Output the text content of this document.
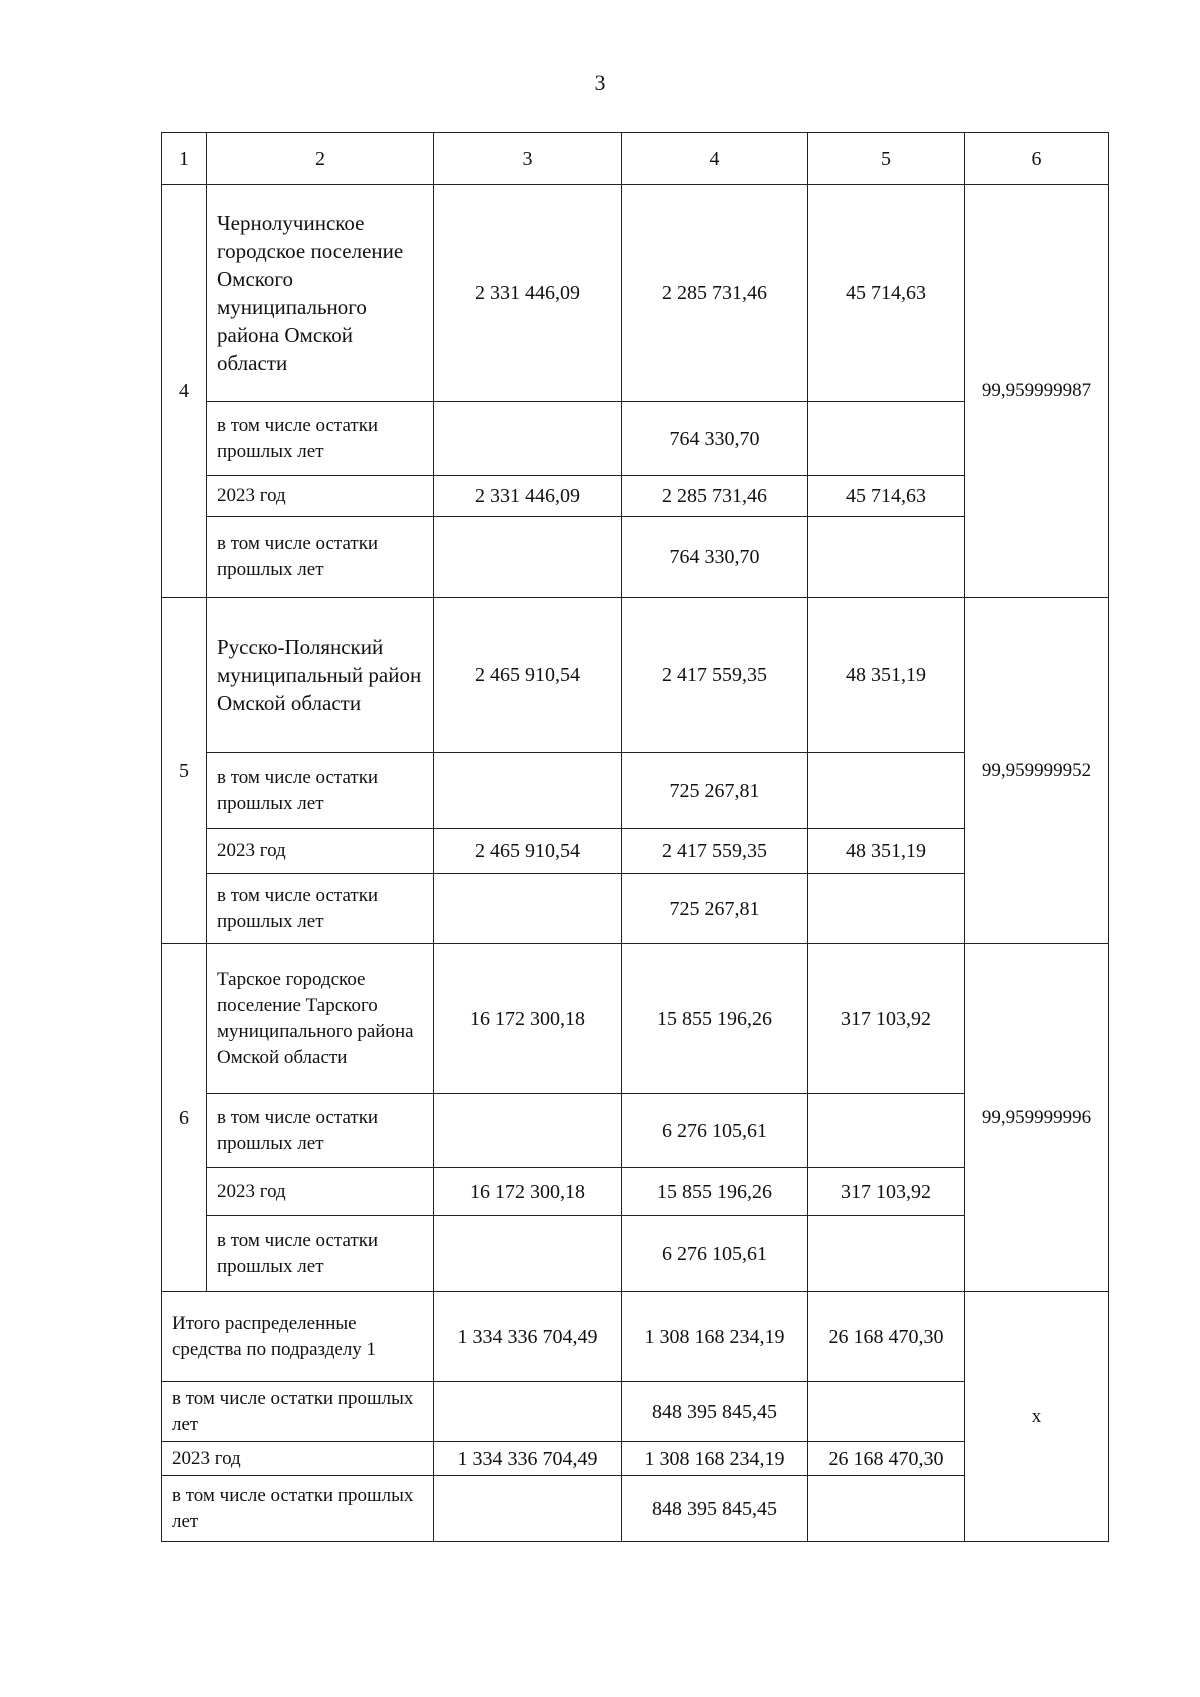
3
1	2	3	4	5	6
4	Чернолучинское городское поселение Омского муниципального района Омской области	2 331 446,09	2 285 731,46	45 714,63	99,959999987
	в том числе остатки прошлых лет		764 330,70		
	2023 год	2 331 446,09	2 285 731,46	45 714,63	
	в том числе остатки прошлых лет		764 330,70		
5	Русско-Полянский муниципальный район Омской области	2 465 910,54	2 417 559,35	48 351,19	99,959999952
	в том числе остатки прошлых лет		725 267,81		
	2023 год	2 465 910,54	2 417 559,35	48 351,19	
	в том числе остатки прошлых лет		725 267,81		
6	Тарское городское поселение Тарского муниципального района Омской области	16 172 300,18	15 855 196,26	317 103,92	99,959999996
	в том числе остатки прошлых лет		6 276 105,61		
	2023 год	16 172 300,18	15 855 196,26	317 103,92	
	в том числе остатки прошлых лет		6 276 105,61		
Итого распределенные средства по подразделу 1		1 334 336 704,49	1 308 168 234,19	26 168 470,30	x
в том числе остатки прошлых лет			848 395 845,45		
2023 год		1 334 336 704,49	1 308 168 234,19	26 168 470,30	
в том числе остатки прошлых лет			848 395 845,45		
